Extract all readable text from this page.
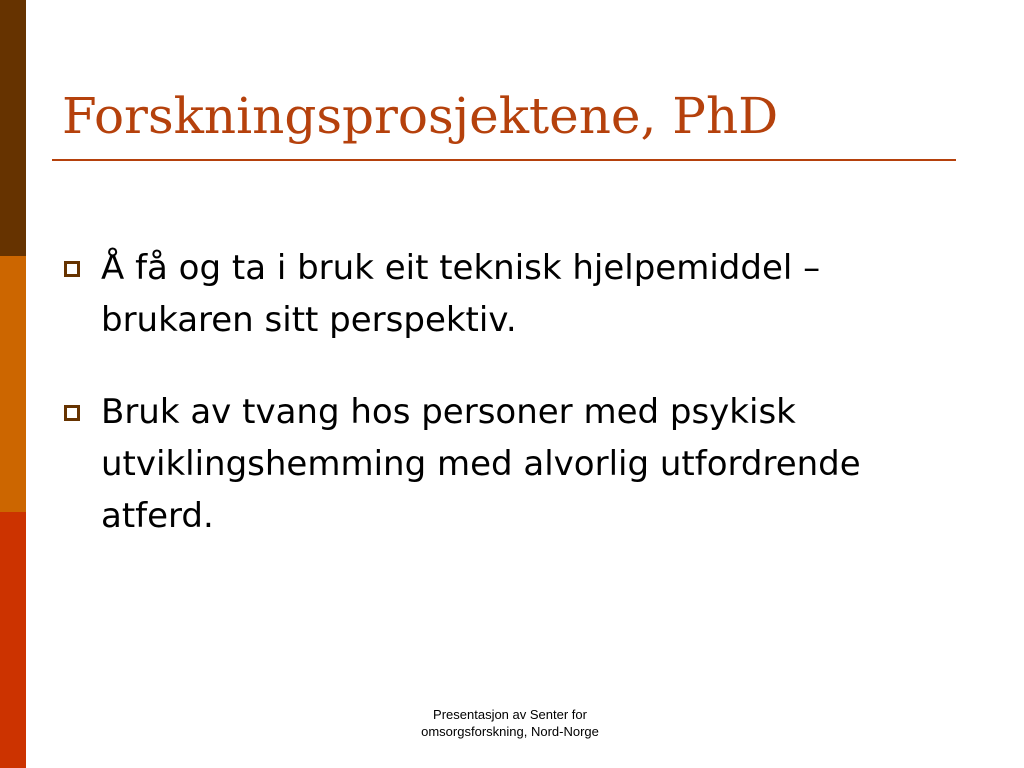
Forskningsprosjektene, PhD
Å få og ta i bruk eit teknisk hjelpemiddel – brukaren sitt perspektiv.
Bruk av tvang hos personer med psykisk utviklingshemming med alvorlig utfordrende atferd.
Presentasjon av Senter for
omsorgsforskning, Nord-Norge
